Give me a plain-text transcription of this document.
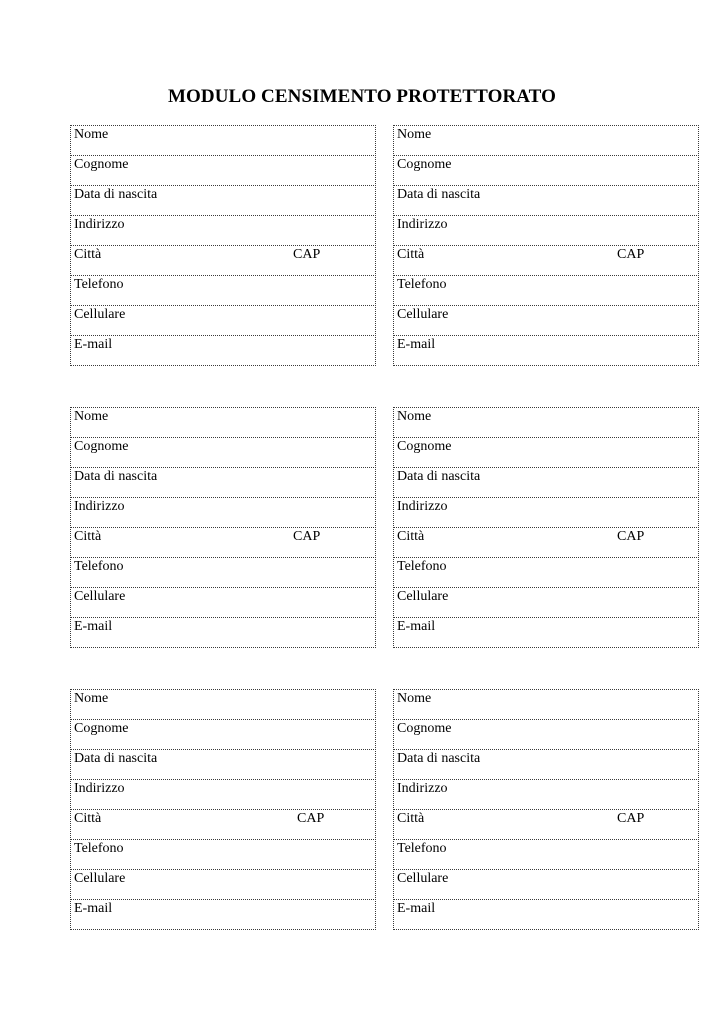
MODULO CENSIMENTO PROTETTORATO
Nome
Cognome
Data di nascita
Indirizzo
Città	CAP
Telefono
Cellulare
E-mail
Nome
Cognome
Data di nascita
Indirizzo
Città	CAP
Telefono
Cellulare
E-mail
Nome
Cognome
Data di nascita
Indirizzo
Città	CAP
Telefono
Cellulare
E-mail
Nome
Cognome
Data di nascita
Indirizzo
Città	CAP
Telefono
Cellulare
E-mail
Nome
Cognome
Data di nascita
Indirizzo
Città	CAP
Telefono
Cellulare
E-mail
Nome
Cognome
Data di nascita
Indirizzo
Città	CAP
Telefono
Cellulare
E-mail
